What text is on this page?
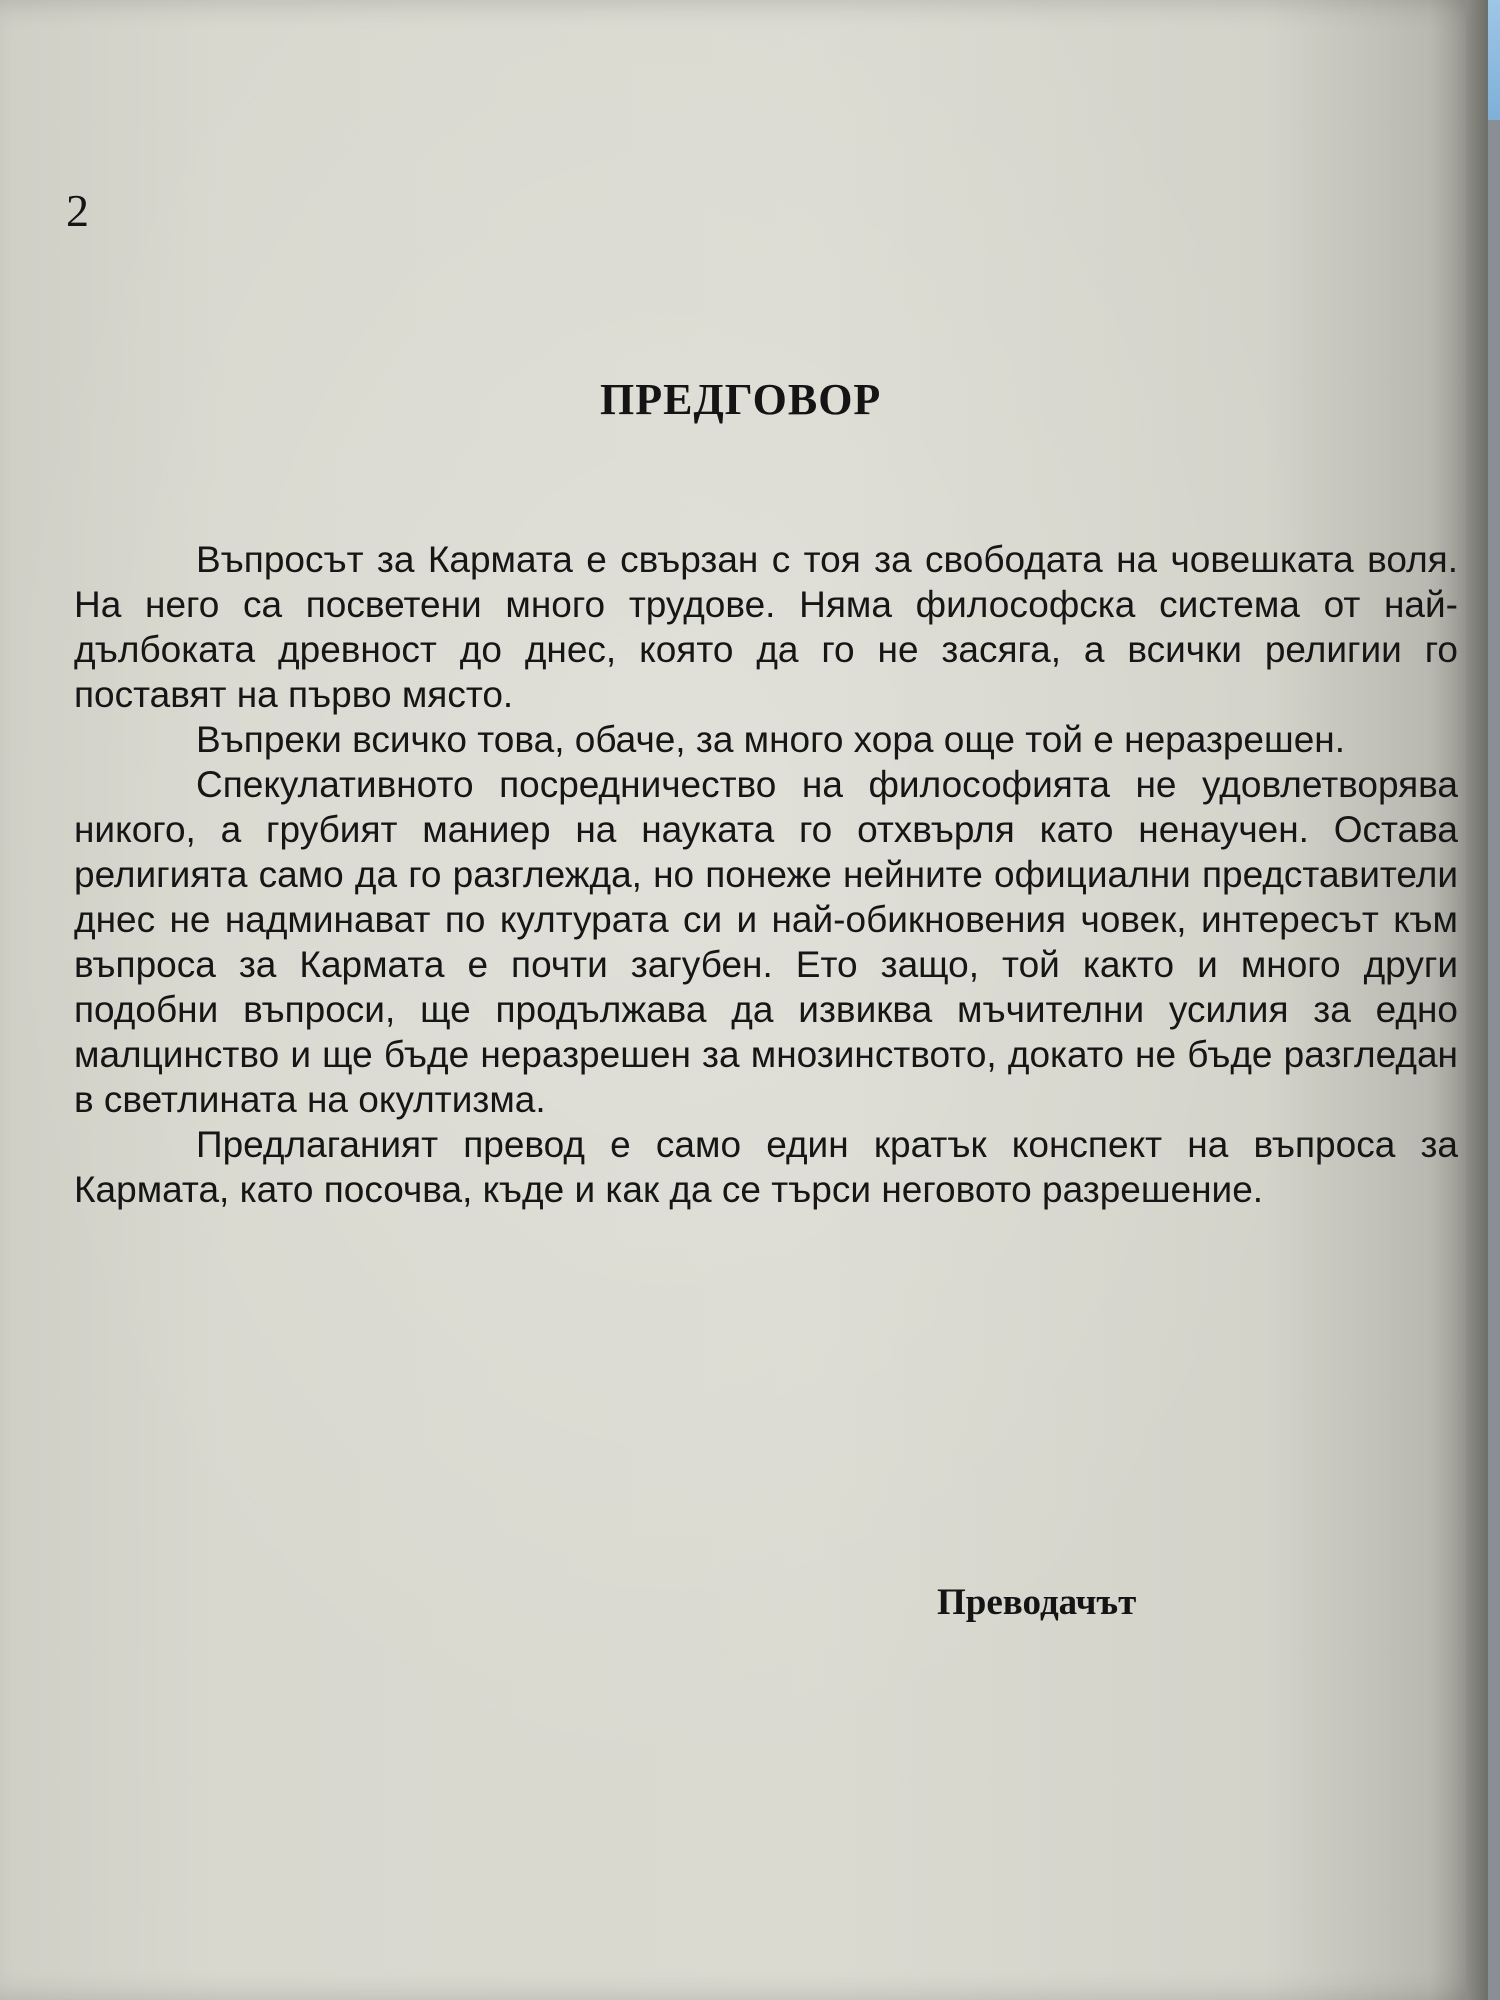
2
ПРЕДГОВОР

Въпросът за Кармата е свързан с тоя за свободата на човешката воля. На него са посветени много трудове. Няма философска система от най-дълбоката древност до днес, която да го не засяга, а всички религии го поставят на първо място.

Въпреки всичко това, обаче, за много хора още той е неразрешен.

Спекулативното посредничество на философията не удовлетворява никого, а грубият маниер на науката го отхвърля като ненаучен. Остава религията само да го разглежда, но понеже нейните официални представители днес не надминават по културата си и най-обикновения човек, интересът към въпроса за Кармата е почти загубен. Ето защо, той както и много други подобни въпроси, ще продължава да извиква мъчителни усилия за едно малцинство и ще бъде неразрешен за мнозинството, докато не бъде разгледан в светлината на окултизма.

Предлаганият превод е само един кратък конспект на въпроса за Кармата, като посочва, къде и как да се търси неговото разрешение.

Преводачът
